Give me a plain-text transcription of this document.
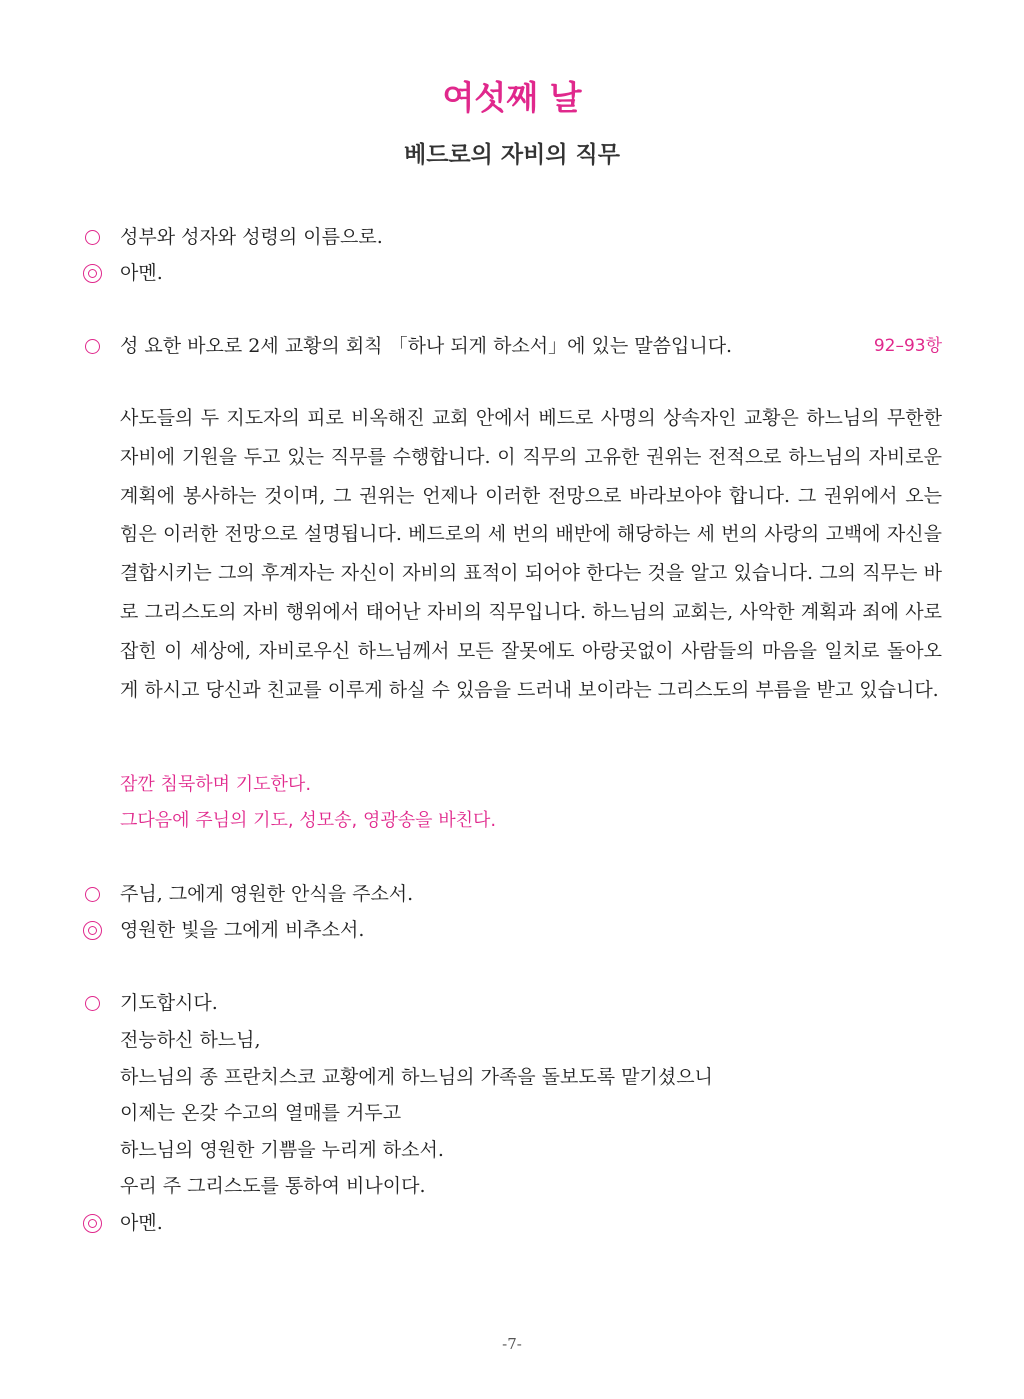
여섯째 날
베드로의 자비의 직무
성부와 성자와 성령의 이름으로.
아멘.
성 요한 바오로 2세 교황의 회칙 「하나 되게 하소서」에 있는 말씀입니다.	92–93항

사도들의 두 지도자의 피로 비옥해진 교회 안에서 베드로 사명의 상속자인 교황은 하느님의 무한한 자비에 기원을 두고 있는 직무를 수행합니다. 이 직무의 고유한 권위는 전적으로 하느님의 자비로운 계획에 봉사하는 것이며, 그 권위는 언제나 이러한 전망으로 바라보아야 합니다. 그 권위에서 오는 힘은 이러한 전망으로 설명됩니다. 베드로의 세 번의 배반에 해당하는 세 번의 사랑의 고백에 자신을 결합시키는 그의 후계자는 자신이 자비의 표적이 되어야 한다는 것을 알고 있습니다. 그의 직무는 바로 그리스도의 자비 행위에서 태어난 자비의 직무입니다. 하느님의 교회는, 사악한 계획과 죄에 사로잡힌 이 세상에, 자비로우신 하느님께서 모든 잘못에도 아랑곳없이 사람들의 마음을 일치로 돌아오게 하시고 당신과 친교를 이루게 하실 수 있음을 드러내 보이라는 그리스도의 부름을 받고 있습니다.

잠깐 침묵하며 기도한다.
그다음에 주님의 기도, 성모송, 영광송을 바친다.
주님, 그에게 영원한 안식을 주소서.
영원한 빛을 그에게 비추소서.
기도합시다.
전능하신 하느님,
하느님의 종 프란치스코 교황에게 하느님의 가족을 돌보도록 맡기셨으니
이제는 온갖 수고의 열매를 거두고
하느님의 영원한 기쁨을 누리게 하소서.
우리 주 그리스도를 통하여 비나이다.
아멘.
-7-
